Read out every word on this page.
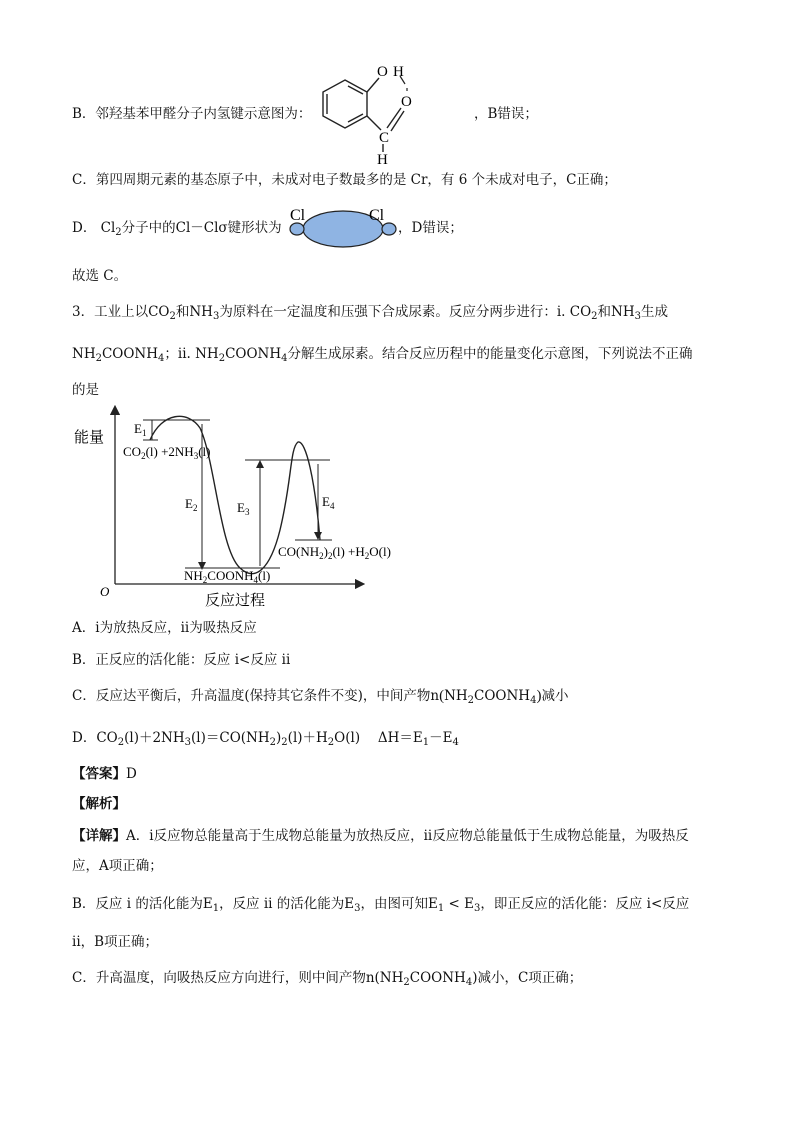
B．邻羟基苯甲醛分子内氢键示意图为：
O H
O
C
H
，B错误；
C．第四周期元素的基态原子中，未成对电子数最多的是 Cr，有 6 个未成对电子，C正确；
D． $Cl_2$分子中的Cl－Clσ键形状为
Cl	Cl
，D错误；
故选 C。
3．工业上以$CO_2$和$NH_3$为原料在一定温度和压强下合成尿素。反应分两步进行：i. $CO_2$和$NH_3$生成
$NH_2COONH_4$；ii. $NH_2COONH_4$分解生成尿素。结合反应历程中的能量变化示意图，下列说法不正确
的是
能量
反应过程
O
$E_1$
$CO_2(l) +2NH_3(l)$
$E_2$	$E_3$
$E_4$
$CO(NH_2)_2(l) +H_2O(l)$
$NH_2COONH_4(l)$
A．i为放热反应，ii为吸热反应
B．正反应的活化能：反应 i<反应 ii
C．反应达平衡后，升高温度(保持其它条件不变)，中间产物$n(NH_2COONH_4)$减小
D．$CO_2(l)+2NH_3(l)=CO(NH_2)_2(l)+H_2O(l)$　 $\Delta H=E_1-E_4$
【答案】D
【解析】
【详解】A．i反应物总能量高于生成物总能量为放热反应，ii反应物总能量低于生成物总能量，为吸热反
应，A项正确；
B．反应 i 的活化能为$E_1$，反应 ii 的活化能为$E_3$，由图可知$E_1 < E_3$，即正反应的活化能：反应 i<反应
ii，B项正确；
C．升高温度，向吸热反应方向进行，则中间产物$n(NH_2COONH_4)$减小，C项正确；
